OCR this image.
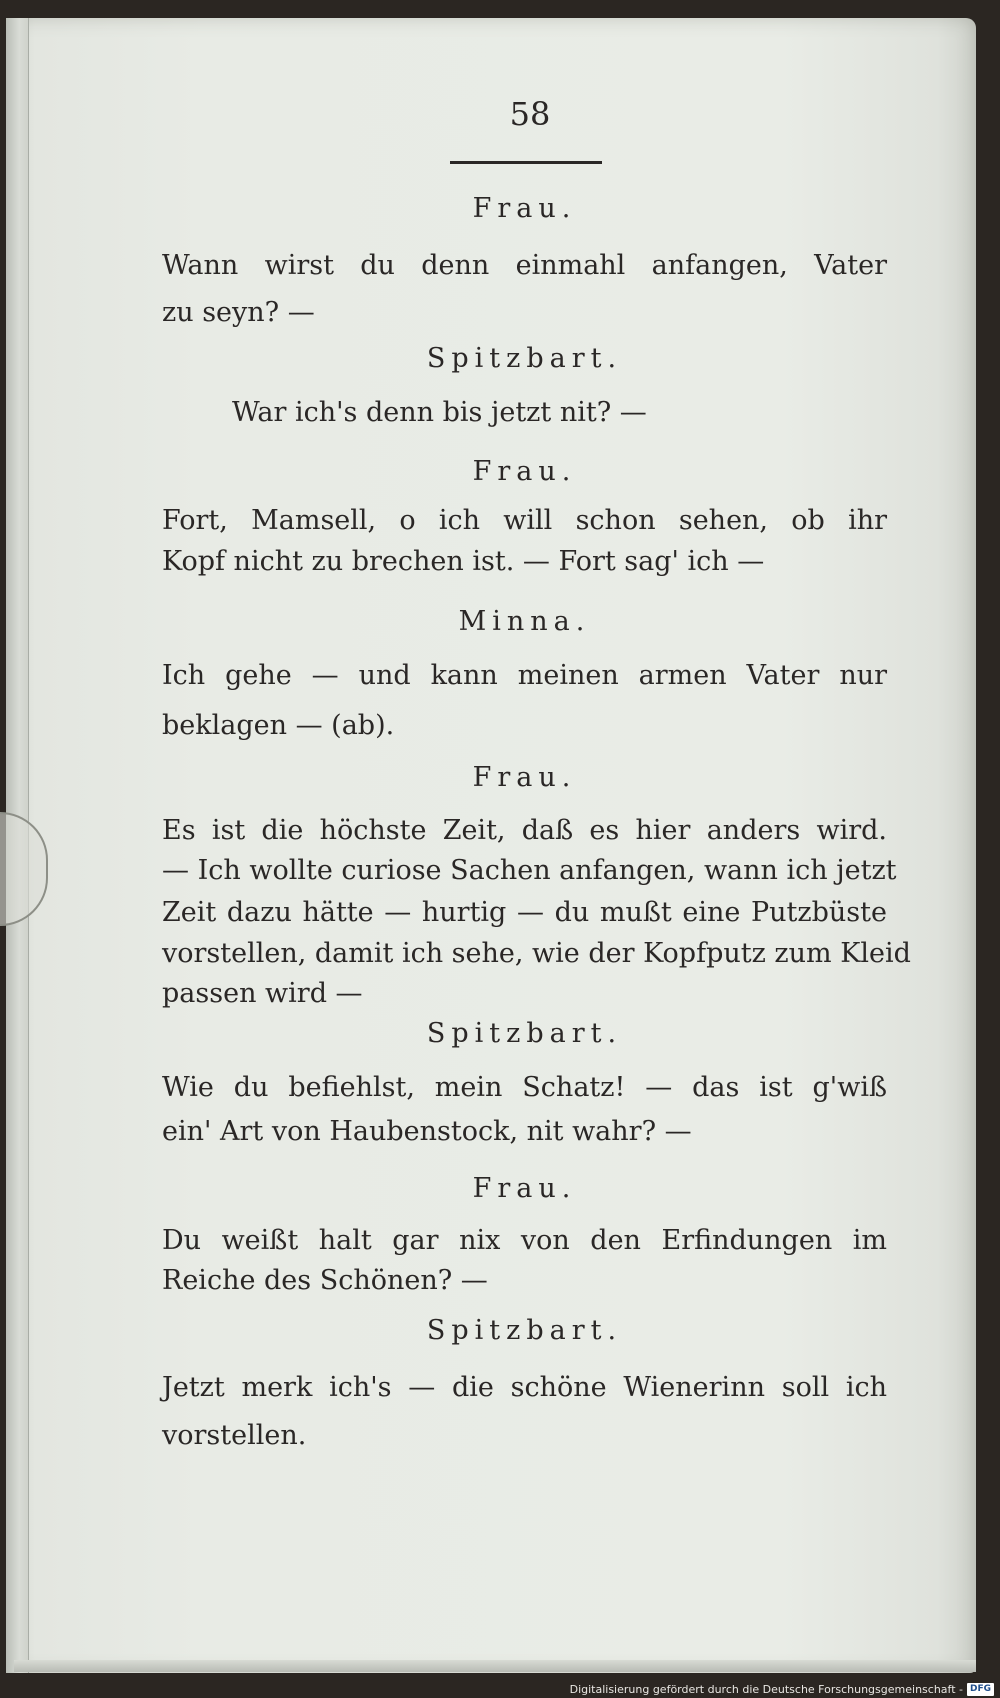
58
Frau.
Wann wirst du denn einmahl anfangen, Vater
zu seyn? —
Spitzbart.
War ich's denn bis jetzt nit? —
Frau.
Fort, Mamsell, o ich will schon sehen, ob ihr
Kopf nicht zu brechen ist. — Fort sag' ich —
Minna.
Ich gehe — und kann meinen armen Vater nur
beklagen — (ab).
Frau.
Es ist die höchste Zeit, daß es hier anders wird.
— Ich wollte curiose Sachen anfangen, wann ich jetzt
Zeit dazu hätte — hurtig — du mußt eine Putzbüste
vorstellen, damit ich sehe, wie der Kopfputz zum Kleid
passen wird —
Spitzbart.
Wie du befiehlst, mein Schatz! — das ist g'wiß
ein' Art von Haubenstock, nit wahr? —
Frau.
Du weißt halt gar nix von den Erfindungen im
Reiche des Schönen? —
Spitzbart.
Jetzt merk ich's — die schöne Wienerinn soll ich
vorstellen.
Digitalisierung gefördert durch die Deutsche Forschungsgemeinschaft - DFG
